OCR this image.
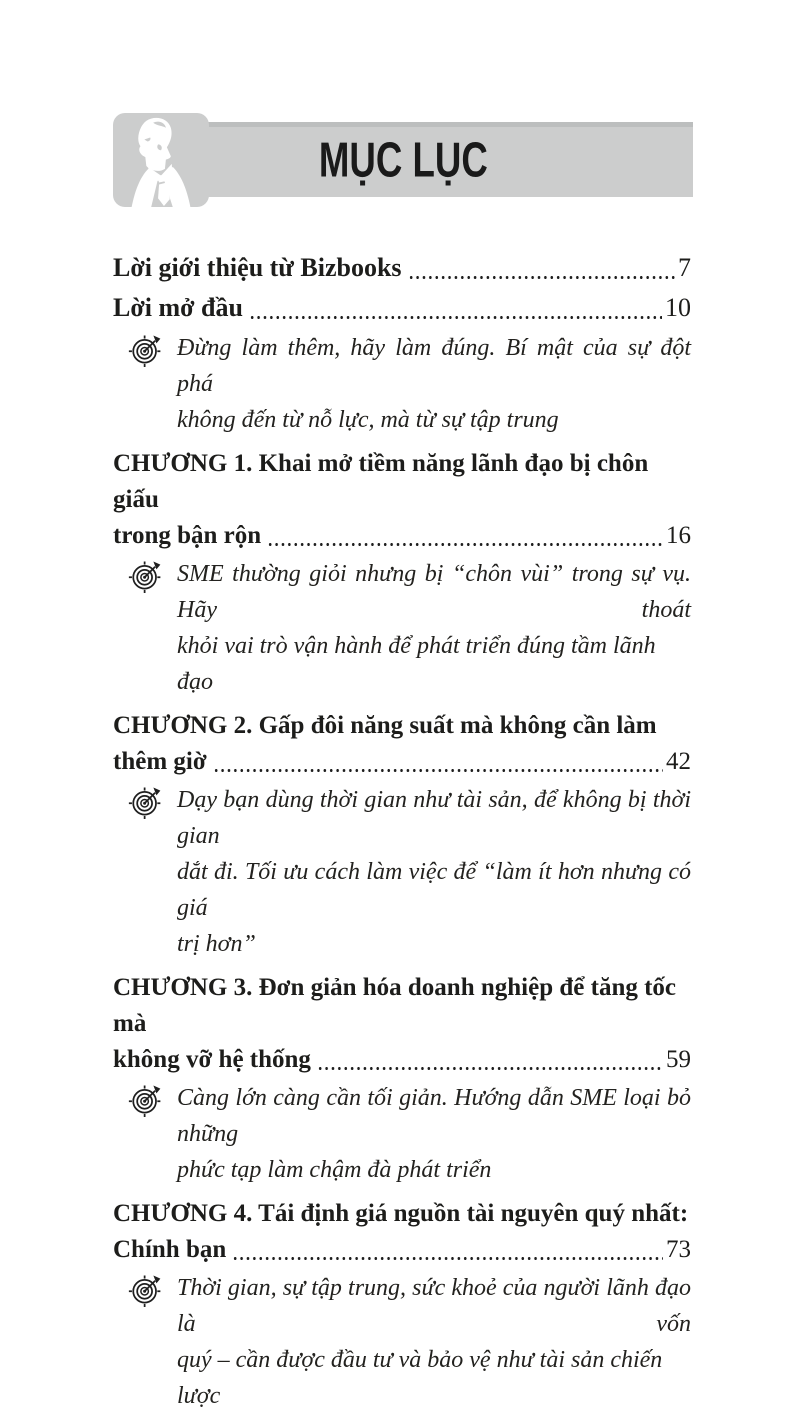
MỤC LỤC
Lời giới thiệu từ Bizbooks	7
Lời mở đầu	10
Đừng làm thêm, hãy làm đúng. Bí mật của sự đột phá
không đến từ nỗ lực, mà từ sự tập trung
CHƯƠNG 1. Khai mở tiềm năng lãnh đạo bị chôn giấu
trong bận rộn	16
SME thường giỏi nhưng bị “chôn vùi” trong sự vụ. Hãy thoát
khỏi vai trò vận hành để phát triển đúng tầm lãnh đạo
CHƯƠNG 2. Gấp đôi năng suất mà không cần làm
thêm giờ	42
Dạy bạn dùng thời gian như tài sản, để không bị thời gian
dắt đi. Tối ưu cách làm việc để “làm ít hơn nhưng có giá
trị hơn”
CHƯƠNG 3. Đơn giản hóa doanh nghiệp để tăng tốc mà
không vỡ hệ thống	59
Càng lớn càng cần tối giản. Hướng dẫn SME loại bỏ những
phức tạp làm chậm đà phát triển
CHƯƠNG 4. Tái định giá nguồn tài nguyên quý nhất:
Chính bạn	73
Thời gian, sự tập trung, sức khoẻ của người lãnh đạo là vốn
quý – cần được đầu tư và bảo vệ như tài sản chiến lược
